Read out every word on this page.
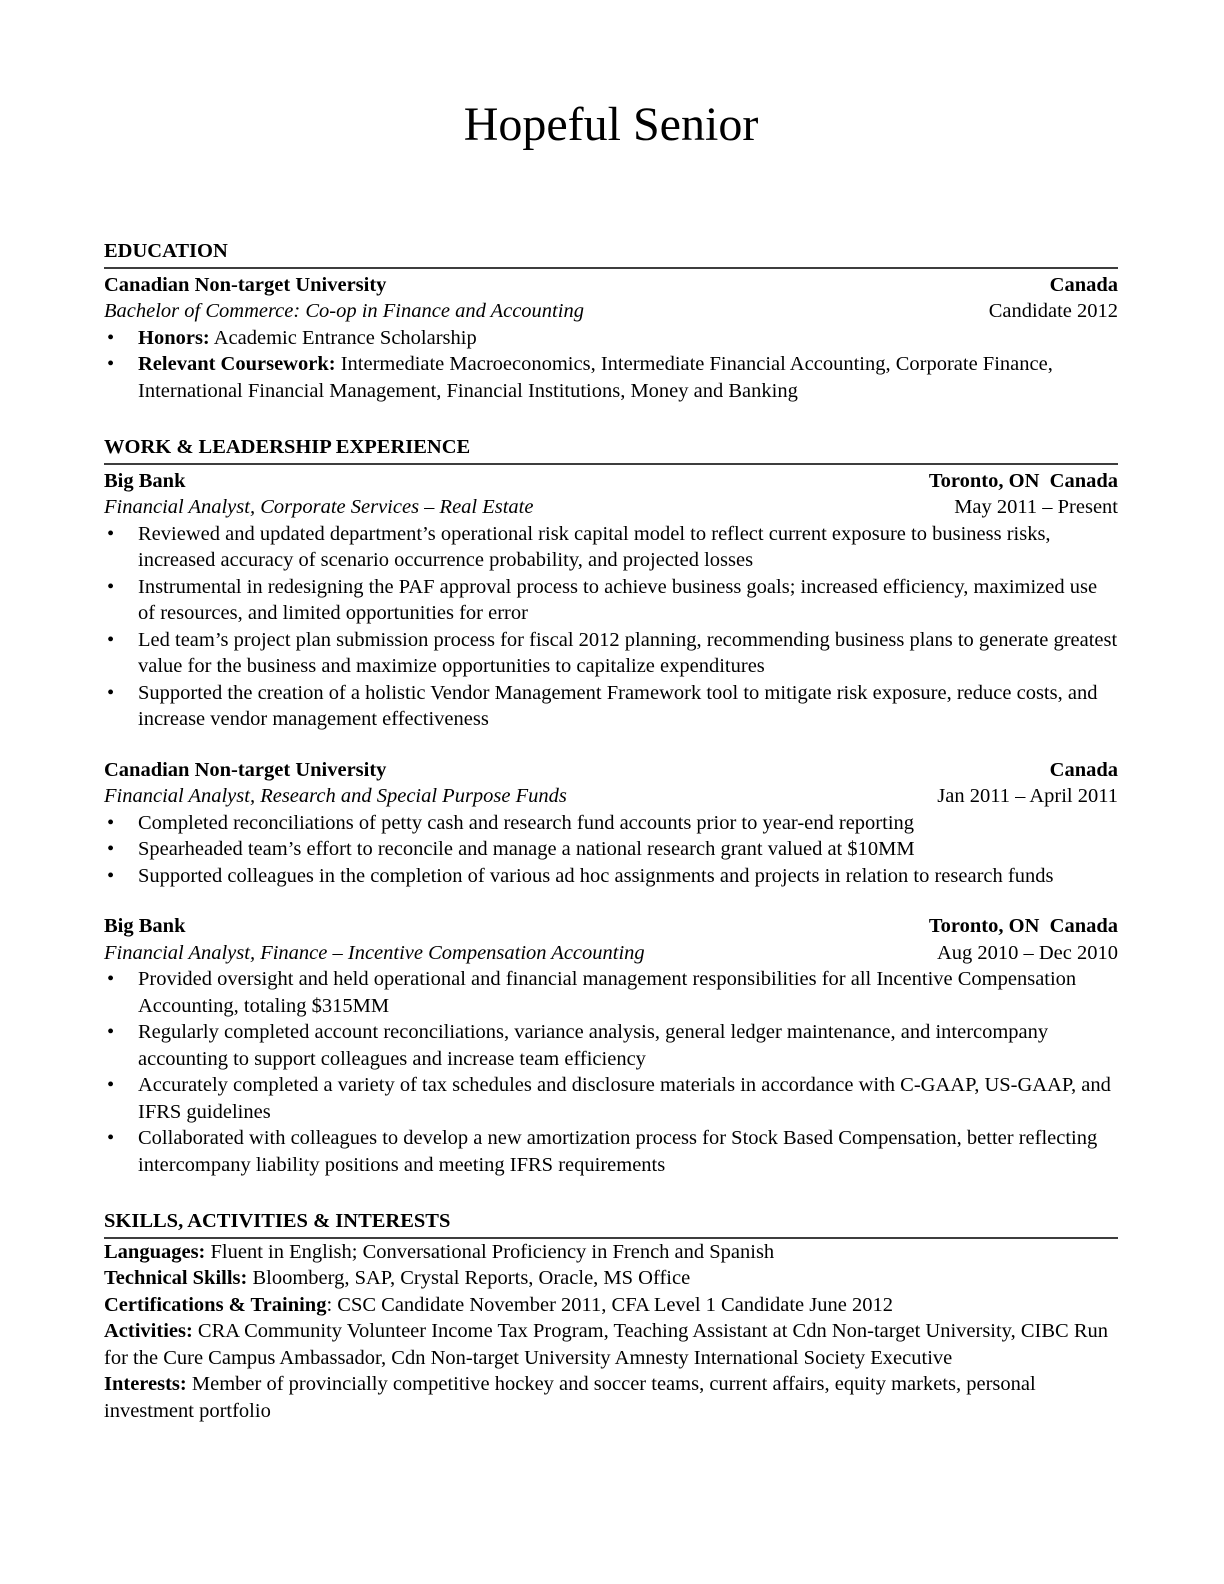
Hopeful Senior
EDUCATION
Canadian Non-target University	Canada
Bachelor of Commerce: Co-op in Finance and Accounting	Candidate 2012
• Honors: Academic Entrance Scholarship
• Relevant Coursework: Intermediate Macroeconomics, Intermediate Financial Accounting, Corporate Finance, International Financial Management, Financial Institutions, Money and Banking
WORK & LEADERSHIP EXPERIENCE
Big Bank	Toronto, ON  Canada
Financial Analyst, Corporate Services – Real Estate	May 2011 – Present
• Reviewed and updated department’s operational risk capital model to reflect current exposure to business risks, increased accuracy of scenario occurrence probability, and projected losses
• Instrumental in redesigning the PAF approval process to achieve business goals; increased efficiency, maximized use of resources, and limited opportunities for error
• Led team’s project plan submission process for fiscal 2012 planning, recommending business plans to generate greatest value for the business and maximize opportunities to capitalize expenditures
• Supported the creation of a holistic Vendor Management Framework tool to mitigate risk exposure, reduce costs, and increase vendor management effectiveness
Canadian Non-target University	Canada
Financial Analyst, Research and Special Purpose Funds	Jan 2011 – April 2011
• Completed reconciliations of petty cash and research fund accounts prior to year-end reporting
• Spearheaded team’s effort to reconcile and manage a national research grant valued at $10MM
• Supported colleagues in the completion of various ad hoc assignments and projects in relation to research funds
Big Bank	Toronto, ON  Canada
Financial Analyst, Finance – Incentive Compensation Accounting	Aug 2010 – Dec 2010
• Provided oversight and held operational and financial management responsibilities for all Incentive Compensation Accounting, totaling $315MM
• Regularly completed account reconciliations, variance analysis, general ledger maintenance, and intercompany accounting to support colleagues and increase team efficiency
• Accurately completed a variety of tax schedules and disclosure materials in accordance with C-GAAP, US-GAAP, and IFRS guidelines
• Collaborated with colleagues to develop a new amortization process for Stock Based Compensation, better reflecting intercompany liability positions and meeting IFRS requirements
SKILLS, ACTIVITIES & INTERESTS

Languages: Fluent in English; Conversational Proficiency in French and Spanish

Technical Skills: Bloomberg, SAP, Crystal Reports, Oracle, MS Office

Certifications & Training: CSC Candidate November 2011, CFA Level 1 Candidate June 2012

Activities: CRA Community Volunteer Income Tax Program, Teaching Assistant at Cdn Non-target University, CIBC Run for the Cure Campus Ambassador, Cdn Non-target University Amnesty International Society Executive

Interests: Member of provincially competitive hockey and soccer teams, current affairs, equity markets, personal investment portfolio
